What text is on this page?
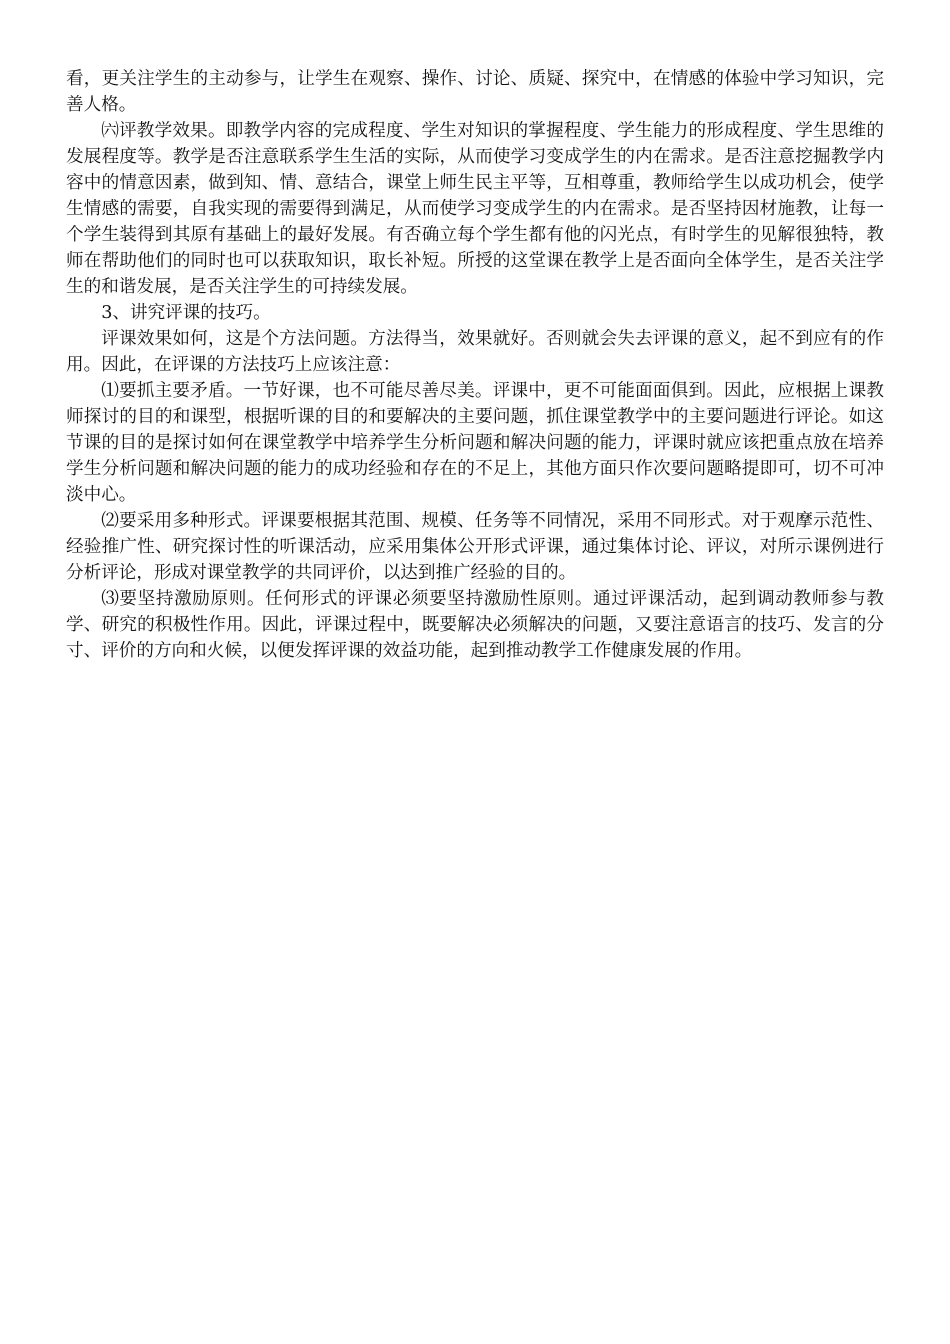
看，更关注学生的主动参与，让学生在观察、操作、讨论、质疑、探究中，在情感的体验中学习知识，完善人格。

㈥评教学效果。即教学内容的完成程度、学生对知识的掌握程度、学生能力的形成程度、学生思维的发展程度等。教学是否注意联系学生生活的实际，从而使学习变成学生的内在需求。是否注意挖掘教学内容中的情意因素，做到知、情、意结合，课堂上师生民主平等，互相尊重，教师给学生以成功机会，使学生情感的需要，自我实现的需要得到满足，从而使学习变成学生的内在需求。是否坚持因材施教，让每一个学生装得到其原有基础上的最好发展。有否确立每个学生都有他的闪光点，有时学生的见解很独特，教师在帮助他们的同时也可以获取知识，取长补短。所授的这堂课在教学上是否面向全体学生，是否关注学生的和谐发展，是否关注学生的可持续发展。

3、讲究评课的技巧。

评课效果如何，这是个方法问题。方法得当，效果就好。否则就会失去评课的意义，起不到应有的作用。因此，在评课的方法技巧上应该注意：

⑴要抓主要矛盾。一节好课，也不可能尽善尽美。评课中，更不可能面面俱到。因此，应根据上课教师探讨的目的和课型，根据听课的目的和要解决的主要问题，抓住课堂教学中的主要问题进行评论。如这节课的目的是探讨如何在课堂教学中培养学生分析问题和解决问题的能力，评课时就应该把重点放在培养学生分析问题和解决问题的能力的成功经验和存在的不足上，其他方面只作次要问题略提即可，切不可冲淡中心。

⑵要采用多种形式。评课要根据其范围、规模、任务等不同情况，采用不同形式。对于观摩示范性、经验推广性、研究探讨性的听课活动，应采用集体公开形式评课，通过集体讨论、评议，对所示课例进行分析评论，形成对课堂教学的共同评价，以达到推广经验的目的。

⑶要坚持激励原则。任何形式的评课必须要坚持激励性原则。通过评课活动，起到调动教师参与教学、研究的积极性作用。因此，评课过程中，既要解决必须解决的问题，又要注意语言的技巧、发言的分寸、评价的方向和火候，以便发挥评课的效益功能，起到推动教学工作健康发展的作用。
